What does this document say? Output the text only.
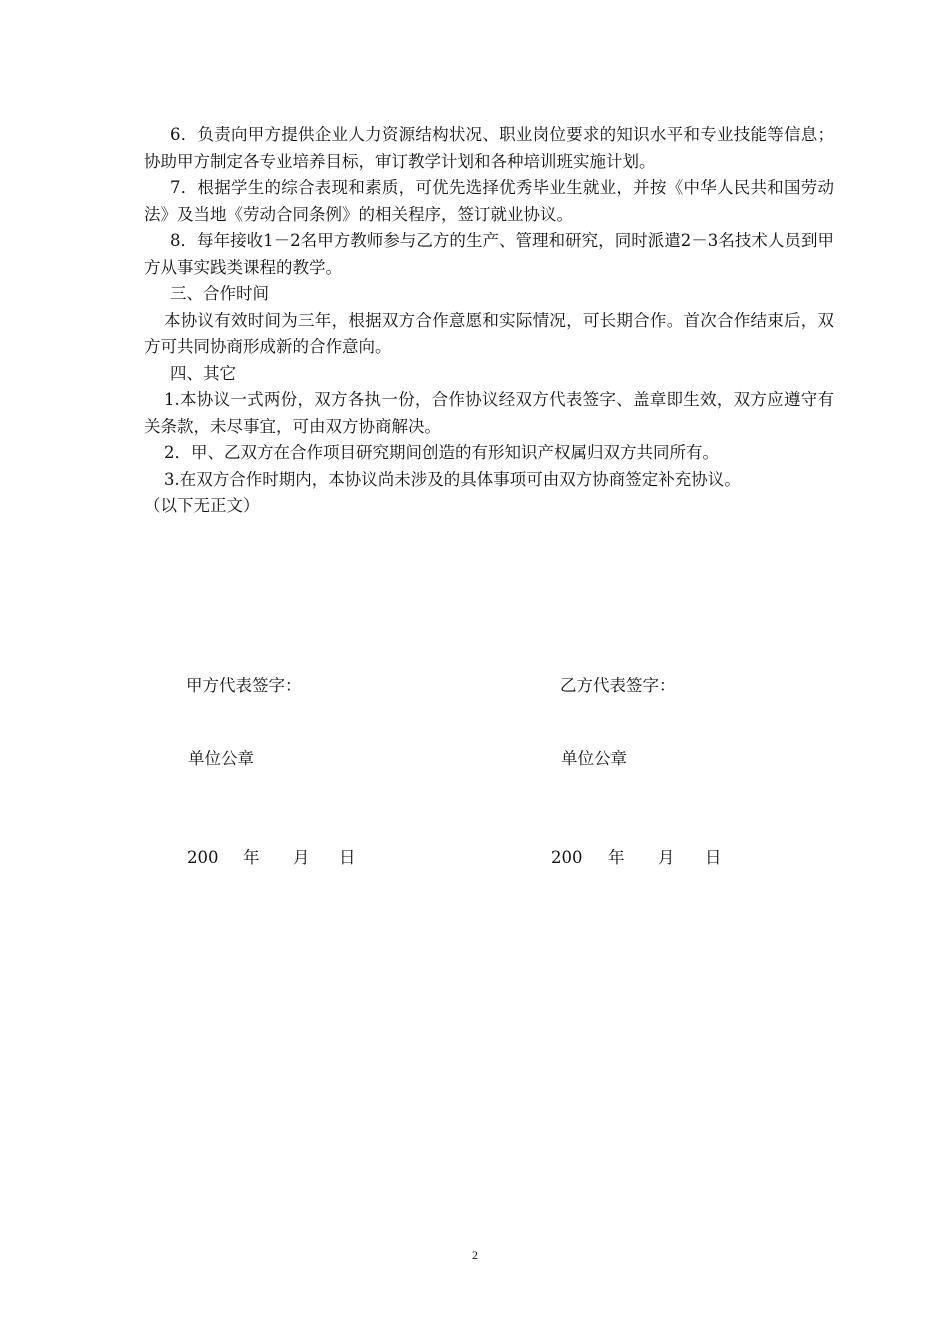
6．负责向甲方提供企业人力资源结构状况、职业岗位要求的知识水平和专业技能等信息；协助甲方制定各专业培养目标，审订教学计划和各种培训班实施计划。

7．根据学生的综合表现和素质，可优先选择优秀毕业生就业，并按《中华人民共和国劳动法》及当地《劳动合同条例》的相关程序，签订就业协议。

8．每年接收1－2名甲方教师参与乙方的生产、管理和研究，同时派遣2－3名技术人员到甲方从事实践类课程的教学。

三、合作时间

本协议有效时间为三年，根据双方合作意愿和实际情况，可长期合作。首次合作结束后，双方可共同协商形成新的合作意向。

四、其它

1.本协议一式两份，双方各执一份，合作协议经双方代表签字、盖章即生效，双方应遵守有关条款，未尽事宜，可由双方协商解决。

2．甲、乙双方在合作项目研究期间创造的有形知识产权属归双方共同所有。

3.在双方合作时期内，本协议尚未涉及的具体事项可由双方协商签定补充协议。

（以下无正文）

甲方代表签字：
单位公章
200 年 月 日
乙方代表签字：
单位公章
200 年 月 日
2
